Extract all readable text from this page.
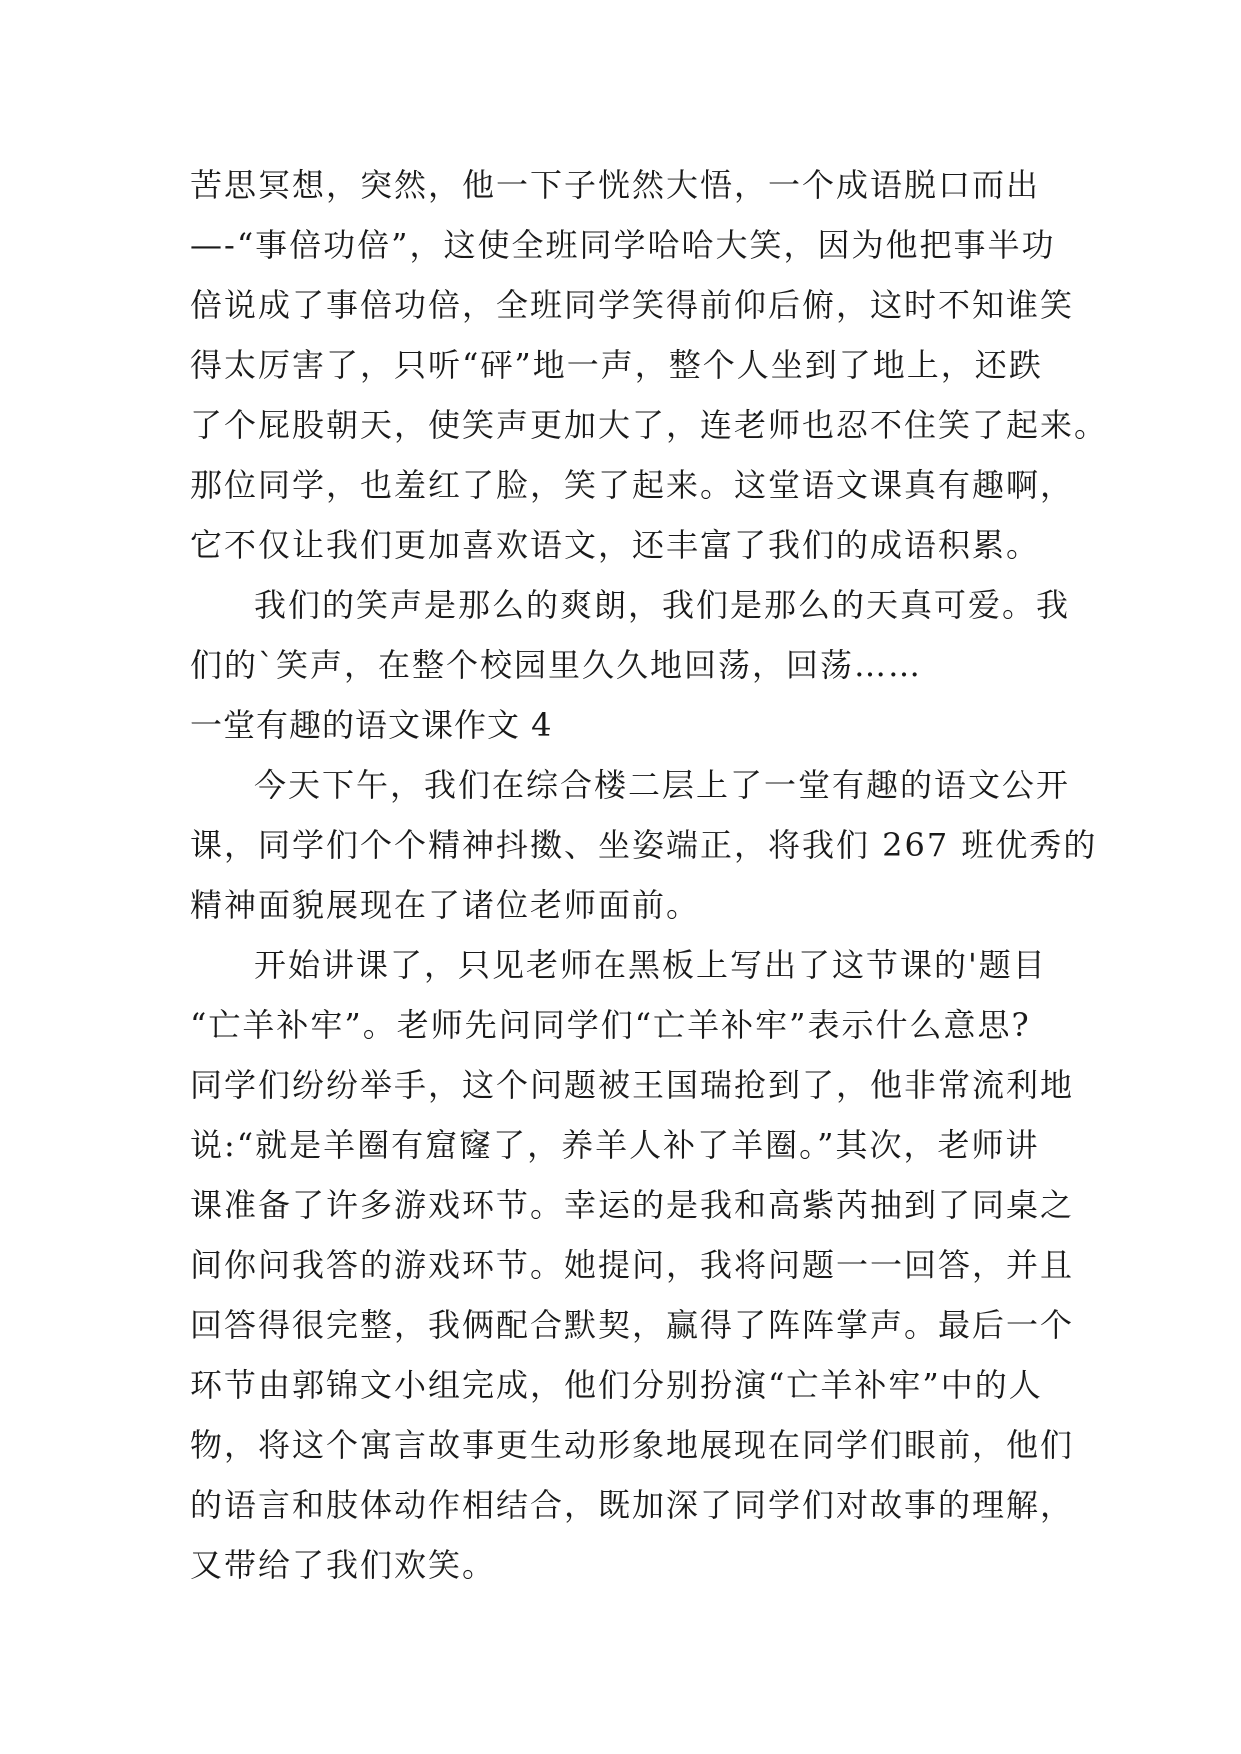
苦思冥想，突然，他一下子恍然大悟，一个成语脱口而出

—-“事倍功倍”，这使全班同学哈哈大笑，因为他把事半功

倍说成了事倍功倍，全班同学笑得前仰后俯，这时不知谁笑

得太厉害了，只听“砰”地一声，整个人坐到了地上，还跌

了个屁股朝天，使笑声更加大了，连老师也忍不住笑了起来。

那位同学，也羞红了脸，笑了起来。这堂语文课真有趣啊，

它不仅让我们更加喜欢语文，还丰富了我们的成语积累。

我们的笑声是那么的爽朗，我们是那么的天真可爱。我

们的`笑声，在整个校园里久久地回荡，回荡……

一堂有趣的语文课作文 4

今天下午，我们在综合楼二层上了一堂有趣的语文公开

课，同学们个个精神抖擞、坐姿端正，将我们 267 班优秀的

精神面貌展现在了诸位老师面前。

开始讲课了，只见老师在黑板上写出了这节课的'题目

“亡羊补牢”。老师先问同学们“亡羊补牢”表示什么意思?

同学们纷纷举手，这个问题被王国瑞抢到了，他非常流利地

说:“就是羊圈有窟窿了，养羊人补了羊圈。”其次，老师讲

课准备了许多游戏环节。幸运的是我和高紫芮抽到了同桌之

间你问我答的游戏环节。她提问，我将问题一一回答，并且

回答得很完整，我俩配合默契，赢得了阵阵掌声。最后一个

环节由郭锦文小组完成，他们分别扮演“亡羊补牢”中的人

物，将这个寓言故事更生动形象地展现在同学们眼前，他们

的语言和肢体动作相结合，既加深了同学们对故事的理解，

又带给了我们欢笑。
